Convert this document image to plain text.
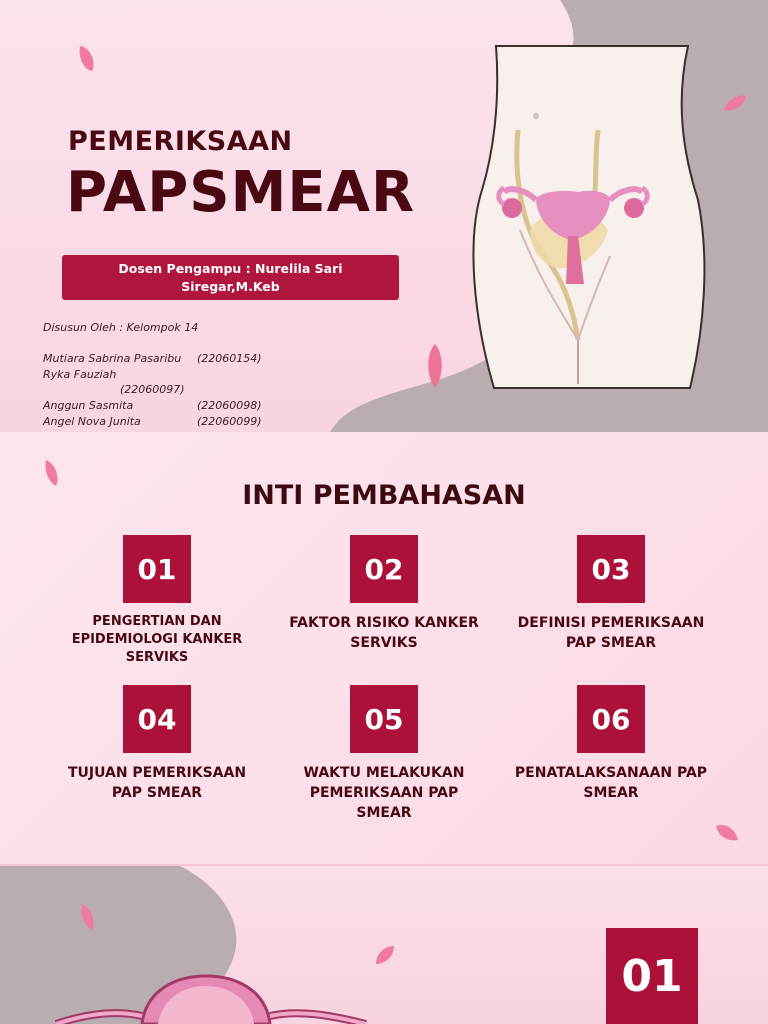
PEMERIKSAAN
PAPSMEAR
Dosen Pengampu : Nurelila Sari Siregar,M.Keb

Disusun Oleh : Kelompok 14

Mutiara Sabrina Pasaribu (22060154)
Ryka Fauziah
(22060097)
Anggun Sasmita	(22060098)
Angel Nova Junita	(22060099)
INTI PEMBAHASAN
01
PENGERTIAN DAN EPIDEMIOLOGI KANKER SERVIKS
02
FAKTOR RISIKO KANKER SERVIKS
03
DEFINISI PEMERIKSAAN PAP SMEAR
04
TUJUAN PEMERIKSAAN PAP SMEAR
05
WAKTU MELAKUKAN PEMERIKSAAN PAP SMEAR
06
PENATALAKSANAAN PAP SMEAR
01
